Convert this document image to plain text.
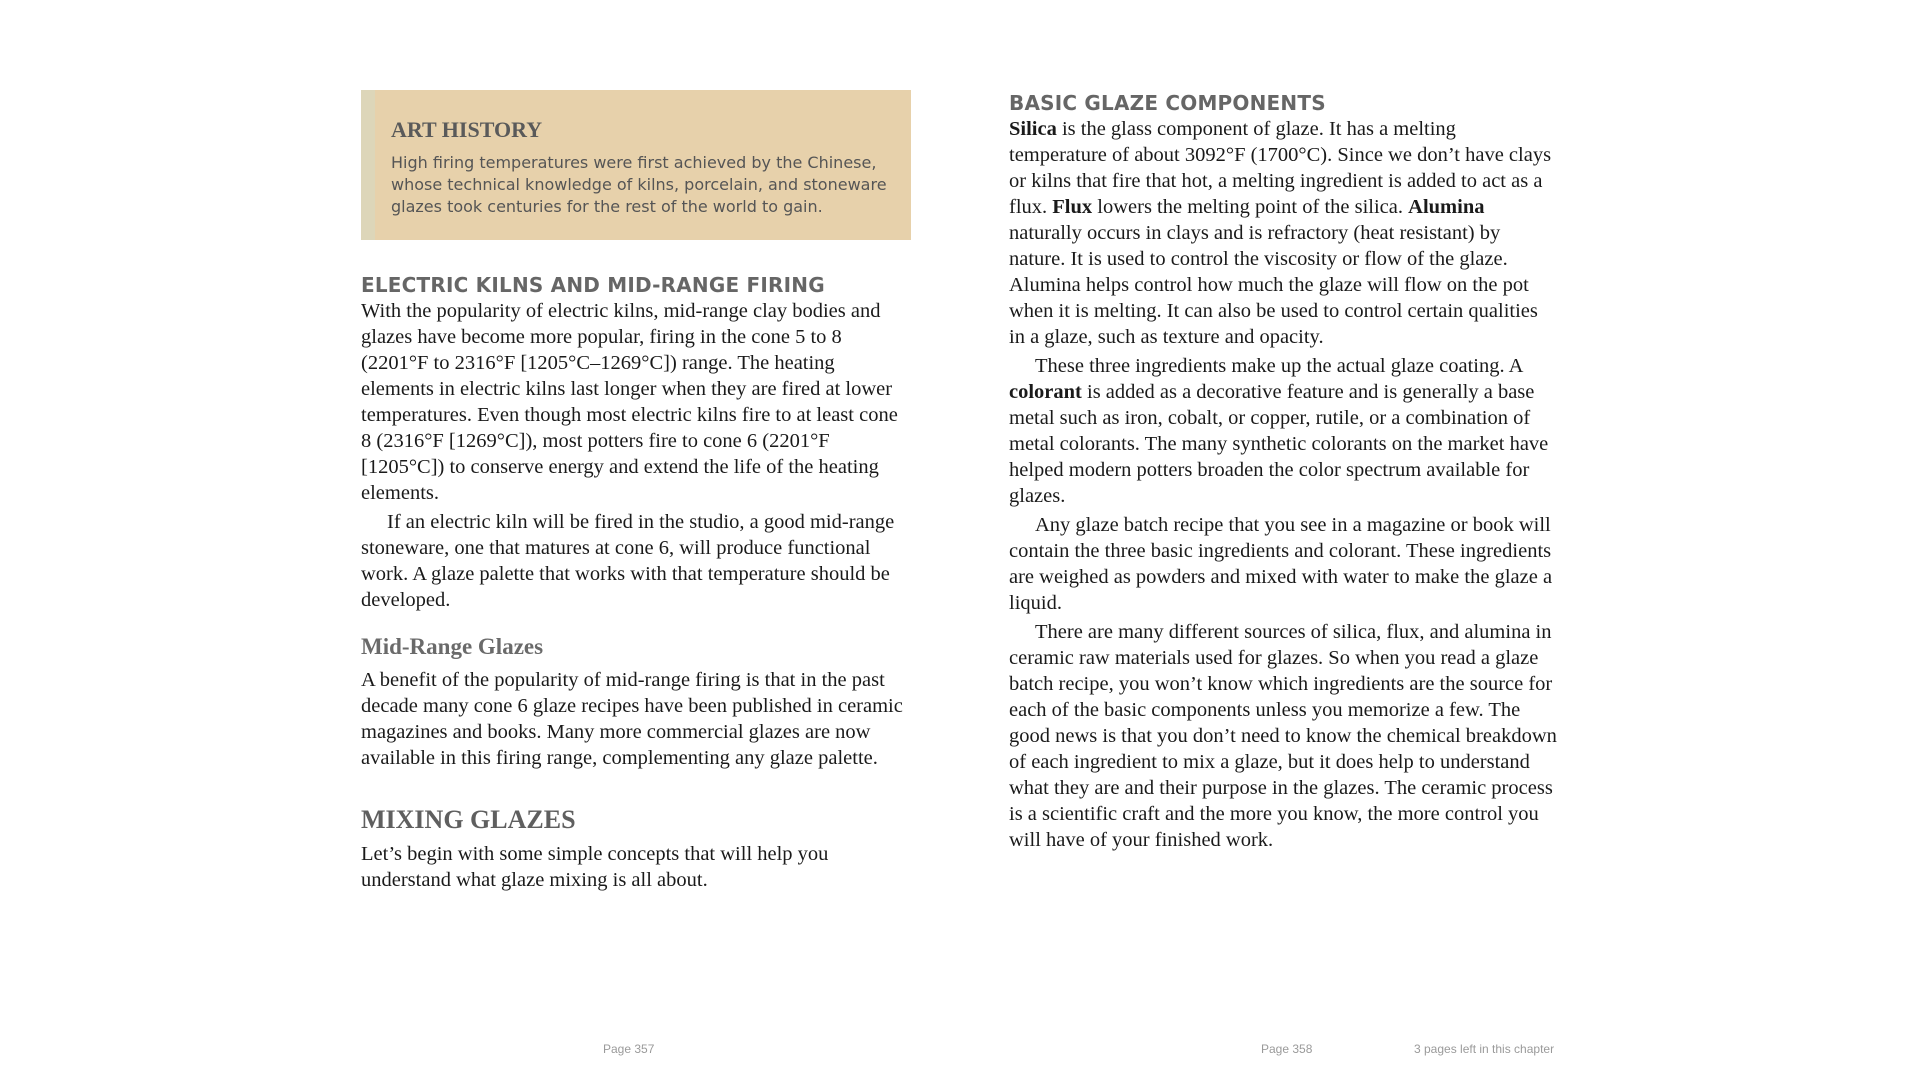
ART HISTORY

High firing temperatures were first achieved by the Chinese, whose technical knowledge of kilns, porcelain, and stoneware glazes took centuries for the rest of the world to gain.

ELECTRIC KILNS AND MID-RANGE FIRING

With the popularity of electric kilns, mid-range clay bodies and glazes have become more popular, firing in the cone 5 to 8 (2201°F to 2316°F [1205°C–1269°C]) range. The heating elements in electric kilns last longer when they are fired at lower temperatures. Even though most electric kilns fire to at least cone 8 (2316°F [1269°C]), most potters fire to cone 6 (2201°F [1205°C]) to conserve energy and extend the life of the heating elements.

If an electric kiln will be fired in the studio, a good mid-range stoneware, one that matures at cone 6, will produce functional work. A glaze palette that works with that temperature should be developed.

Mid-Range Glazes

A benefit of the popularity of mid-range firing is that in the past decade many cone 6 glaze recipes have been published in ceramic magazines and books. Many more commercial glazes are now available in this firing range, complementing any glaze palette.

MIXING GLAZES

Let’s begin with some simple concepts that will help you understand what glaze mixing is all about.

BASIC GLAZE COMPONENTS

Silica is the glass component of glaze. It has a melting temperature of about 3092°F (1700°C). Since we don’t have clays or kilns that fire that hot, a melting ingredient is added to act as a flux. Flux lowers the melting point of the silica. Alumina naturally occurs in clays and is refractory (heat resistant) by nature. It is used to control the viscosity or flow of the glaze. Alumina helps control how much the glaze will flow on the pot when it is melting. It can also be used to control certain qualities in a glaze, such as texture and opacity.

These three ingredients make up the actual glaze coating. A colorant is added as a decorative feature and is generally a base metal such as iron, cobalt, or copper, rutile, or a combination of metal colorants. The many synthetic colorants on the market have helped modern potters broaden the color spectrum available for glazes.

Any glaze batch recipe that you see in a magazine or book will contain the three basic ingredients and colorant. These ingredients are weighed as powders and mixed with water to make the glaze a liquid.

There are many different sources of silica, flux, and alumina in ceramic raw materials used for glazes. So when you read a glaze batch recipe, you won’t know which ingredients are the source for each of the basic components unless you memorize a few. The good news is that you don’t need to know the chemical breakdown of each ingredient to mix a glaze, but it does help to understand what they are and their purpose in the glazes. The ceramic process is a scientific craft and the more you know, the more control you will have of your finished work.

Page 357	Page 358	3 pages left in this chapter
